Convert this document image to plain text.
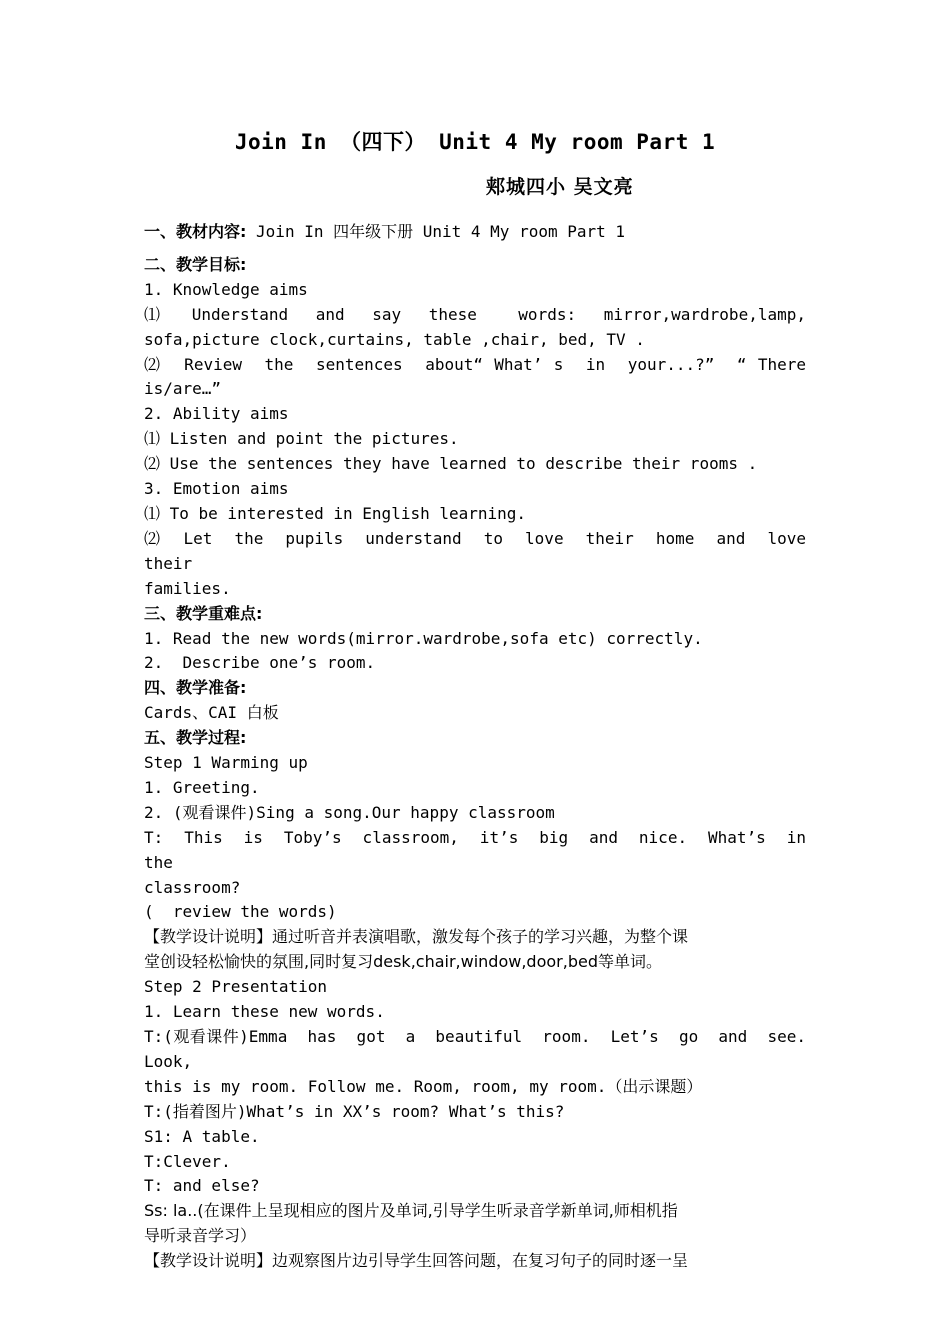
Join In （四下） Unit 4 My room Part 1
郏城四小 吴文亮
一、教材内容: Join In 四年级下册 Unit 4 My room Part 1
二、教学目标:
1. Knowledge aims
⑴  Understand  and  say  these   words:  mirror,wardrobe,lamp,
sofa,picture clock,curtains, table ,chair, bed, TV .
⑵  Review  the  sentences  about“ What’ s  in  your...?”  “ There
is/are…”
2. Ability aims
⑴ Listen and point the pictures.
⑵ Use the sentences they have learned to describe their rooms .
3. Emotion aims
⑴ To be interested in English learning.
⑵  Let  the  pupils  understand  to  love  their  home  and  love  their
families.
三、教学重难点:
1. Read the new words(mirror.wardrobe,sofa etc) correctly.
2.  Describe one’s room.
四、教学准备:
Cards、CAI 白板
五、教学过程:
Step 1 Warming up
1. Greeting.
2. (观看课件)Sing a song.Our happy classroom
T:  This  is  Toby’s  classroom,  it’s  big  and  nice.  What’s  in  the
classroom?
(  review the words)
【教学设计说明】通过听音并表演唱歌，激发每个孩子的学习兴趣，为整个课
堂创设轻松愉快的氛围,同时复习desk,chair,window,door,bed等单词。
Step 2 Presentation
1. Learn these new words.
T:(观看课件)Emma  has  got  a  beautiful  room.  Let’s  go  and  see.  Look,
this is my room. Follow me. Room, room, my room.（出示课题）
T:(指着图片)What’s in XX’s room? What’s this?
S1: A table.
T:Clever.
T: and else?
Ss: la..(在课件上呈现相应的图片及单词,引导学生听录音学新单词,师相机指
导听录音学习）
【教学设计说明】边观察图片边引导学生回答问题，在复习句子的同时逐一呈
